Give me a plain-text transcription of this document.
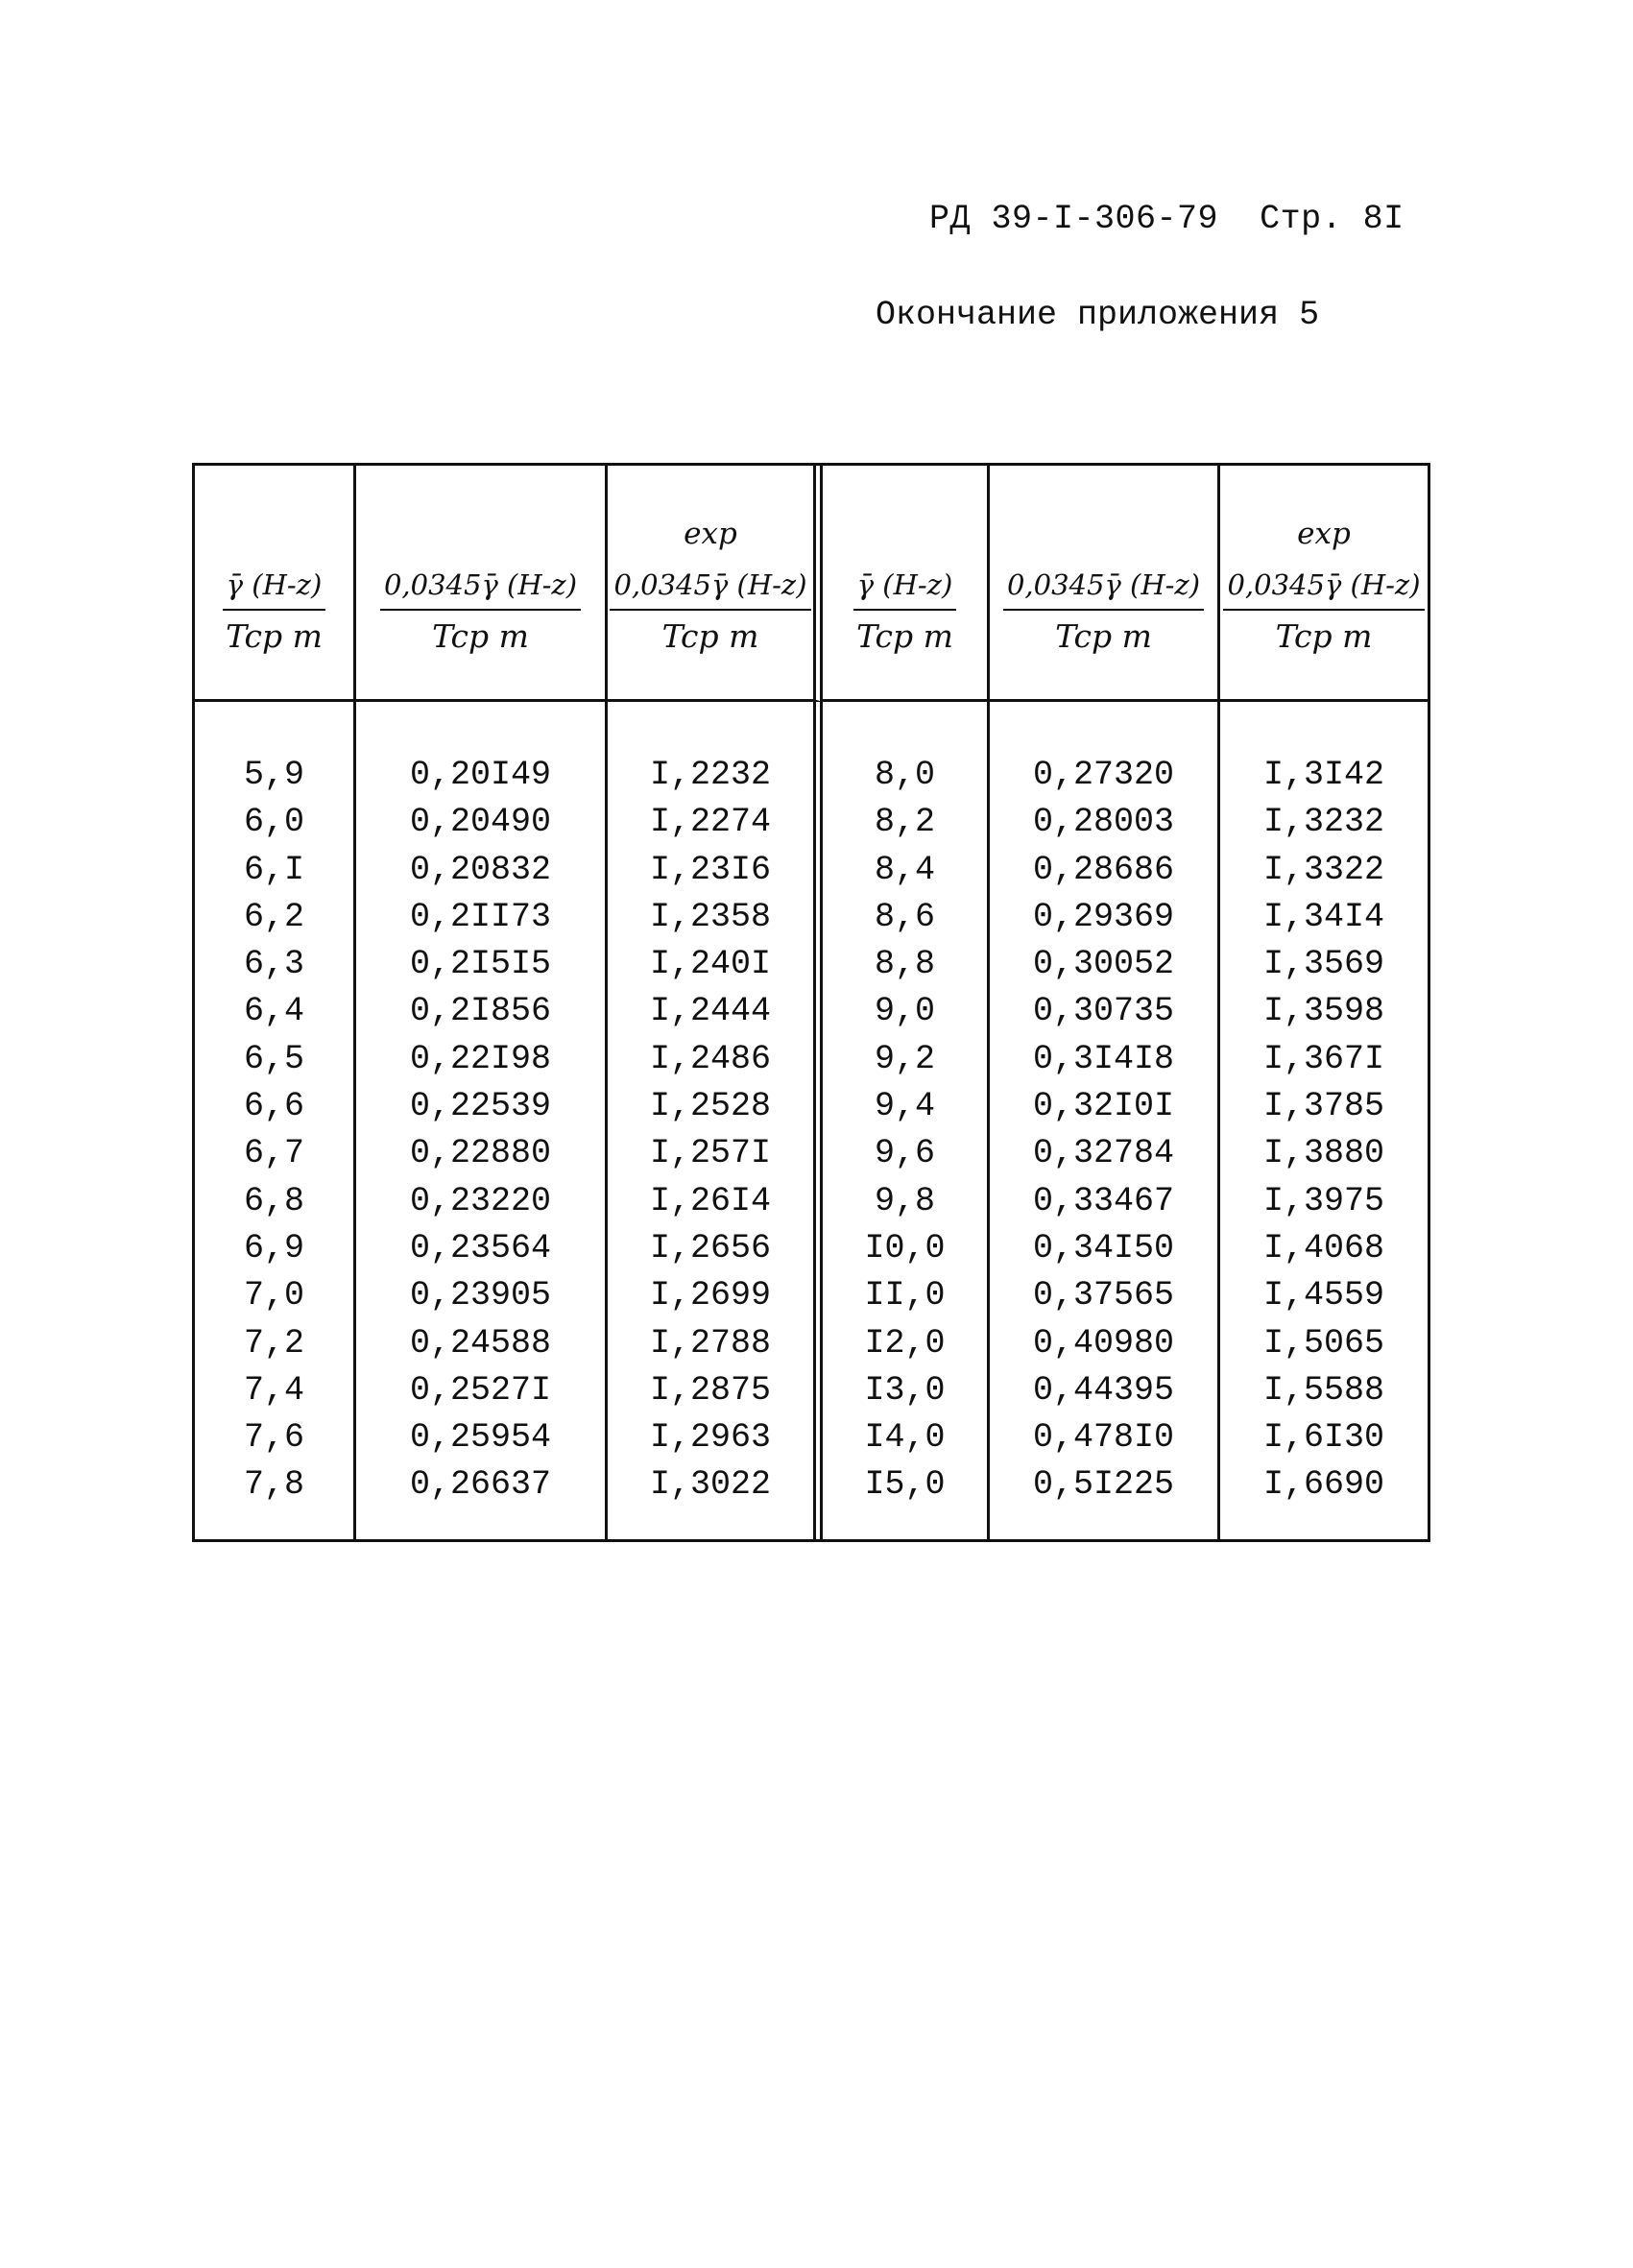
РД 39-I-306-79 Стр. 8I
Окончание приложения 5
γ̄ (H-z)
Tcp m
0,0345γ̄ (H-z)
Tcp m
exp
0,0345γ̄ (H-z)
Tcp m
γ̄ (H-z)
Tcp m
0,0345γ̄ (H-z)
Tcp m
exp
0,0345γ̄ (H-z)
Tcp m
5,9
6,0
6,I
6,2
6,3
6,4
6,5
6,6
6,7
6,8
6,9
7,0
7,2
7,4
7,6
7,8
0,20I49
0,20490
0,20832
0,2II73
0,2I5I5
0,2I856
0,22I98
0,22539
0,22880
0,23220
0,23564
0,23905
0,24588
0,2527I
0,25954
0,26637
I,2232
I,2274
I,23I6
I,2358
I,240I
I,2444
I,2486
I,2528
I,257I
I,26I4
I,2656
I,2699
I,2788
I,2875
I,2963
I,3022
8,0
8,2
8,4
8,6
8,8
9,0
9,2
9,4
9,6
9,8
I0,0
II,0
I2,0
I3,0
I4,0
I5,0
0,27320
0,28003
0,28686
0,29369
0,30052
0,30735
0,3I4I8
0,32I0I
0,32784
0,33467
0,34I50
0,37565
0,40980
0,44395
0,478I0
0,5I225
I,3I42
I,3232
I,3322
I,34I4
I,3569
I,3598
I,367I
I,3785
I,3880
I,3975
I,4068
I,4559
I,5065
I,5588
I,6I30
I,6690
